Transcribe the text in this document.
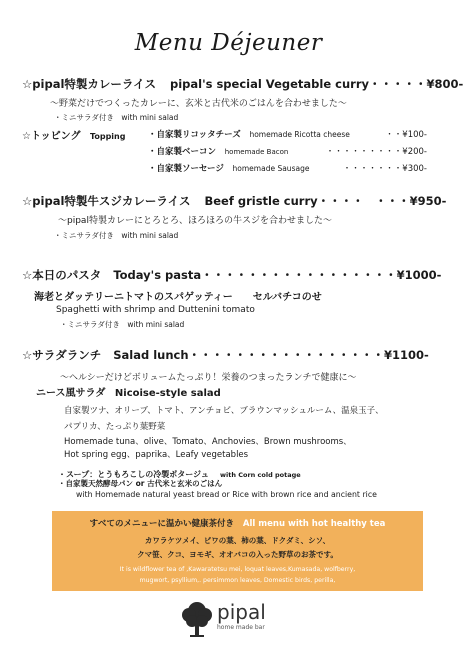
Menu Déjeuner
☆pipal特製カレーライス pipal's special Vegetable curry・・・・・¥800-
〜野菜だけでつくったカレーに、玄米と古代米のごはんを合わせました〜
・ミニサラダ付き　with mini salad
☆トッピング Topping	・自家製リコッタチーズ homemade Ricotta cheese	・・¥100-
・自家製ベーコン homemade Bacon	・・・・・・・・・¥200-
・自家製ソーセージ homemade Sausage	・・・・・・・¥300-
☆pipal特製牛スジカレーライス Beef gristle curry・・・・　・・・¥950-
〜pipal特製カレーにとろとろ、ほろほろの牛スジを合わせました〜
・ミニサラダ付き　with mini salad
☆本日のパスタ Today's pasta・・・・・・・・・・・・・・・・・¥1000-
海老とダッテリーニトマトのスパゲッティー　　セルバチコのせ
Spaghetti with shrimp and Duttenini tomato
・ミニサラダ付き　with mini salad
☆サラダランチ Salad lunch・・・・・・・・・・・・・・・・・¥1100-
〜ヘルシーだけどボリュームたっぷり！栄養のつまったランチで健康に〜
ニース風サラダ Nicoise-style salad
自家製ツナ、オリーブ、トマト、アンチョビ、ブラウンマッシュルーム、温泉玉子、
パプリカ、たっぷり葉野菜
Homemade tuna、olive、Tomato、Anchovies、Brown mushrooms、
Hot spring egg、paprika、Leafy vegetables
・スープ：とうもろこしの冷製ポタージュ with Corn cold potage
・自家製天然酵母パン or 古代米と玄米のごはん
with Homemade natural yeast bread or Rice with brown rice and ancient rice
すべてのメニューに温かい健康茶付き All menu with hot healthy tea
カワラケツメイ、ビワの葉、柿の葉、ドクダミ、シソ、
クマ笹、クコ、ヨモギ、オオバコの入った野草のお茶です。
It is wildflower tea of ,Kawaratetsu mei, loquat leaves,Kumasada, wolfberry,
mugwort, psyllium,. persimmon leaves, Domestic birds, perilla,
pipal
home made bar
